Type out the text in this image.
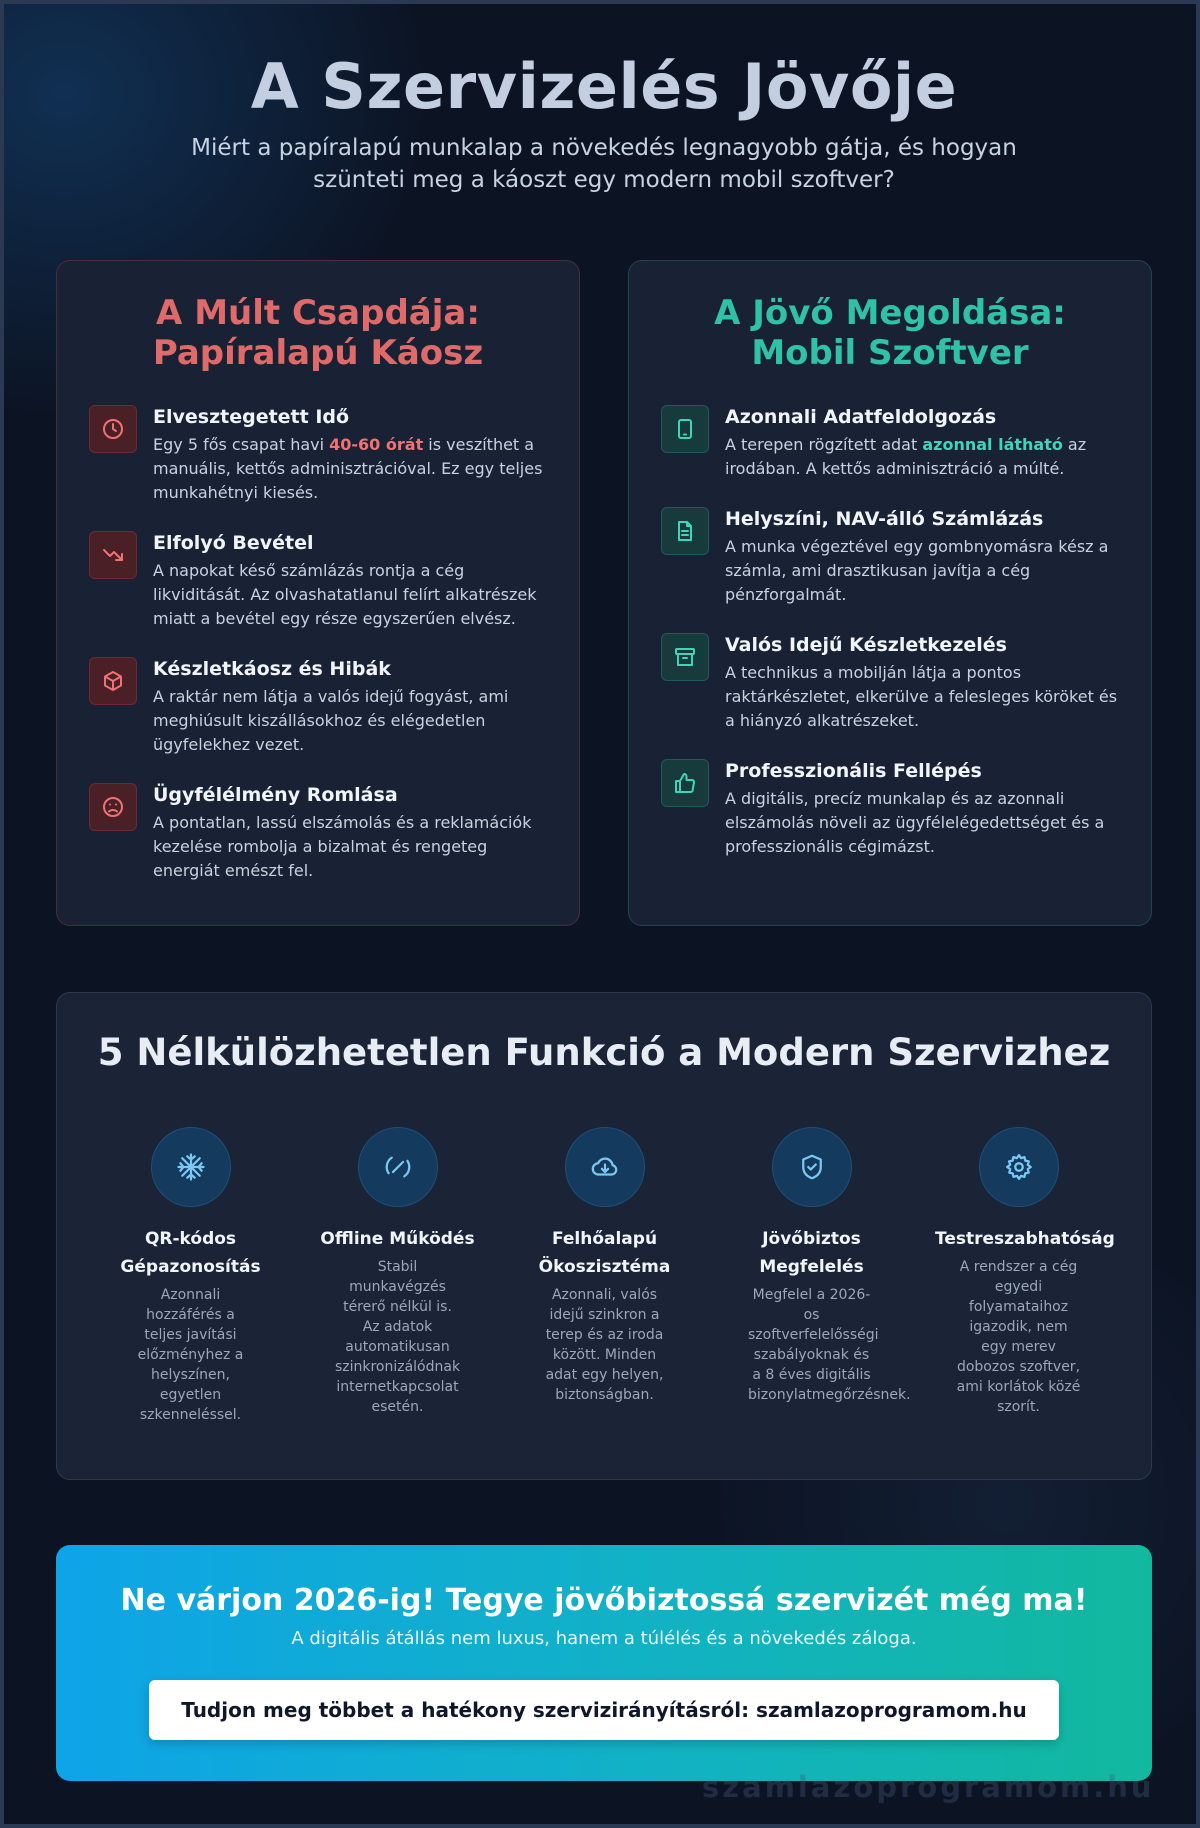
A Szervizelés Jövője
Miért a papíralapú munkalap a növekedés legnagyobb gátja, és hogyan szünteti meg a káoszt egy modern mobil szoftver?
A Múlt Csapdája:
Papíralapú Káosz
Elvesztegetett Idő
Egy 5 fős csapat havi 40-60 órát is veszíthet a manuális, kettős adminisztrációval. Ez egy teljes munkahétnyi kiesés.
Elfolyó Bevétel
A napokat késő számlázás rontja a cég likviditását. Az olvashatatlanul felírt alkatrészek miatt a bevétel egy része egyszerűen elvész.
Készletkáosz és Hibák
A raktár nem látja a valós idejű fogyást, ami meghiúsult kiszállásokhoz és elégedetlen ügyfelekhez vezet.
Ügyfélélmény Romlása
A pontatlan, lassú elszámolás és a reklamációk kezelése rombolja a bizalmat és rengeteg energiát emészt fel.
A Jövő Megoldása:
Mobil Szoftver
Azonnali Adatfeldolgozás
A terepen rögzített adat azonnal látható az irodában. A kettős adminisztráció a múlté.
Helyszíni, NAV-álló Számlázás
A munka végeztével egy gombnyomásra kész a számla, ami drasztikusan javítja a cég pénzforgalmát.
Valós Idejű Készletkezelés
A technikus a mobilján látja a pontos raktárkészletet, elkerülve a felesleges köröket és a hiányzó alkatrészeket.
Professzionális Fellépés
A digitális, precíz munkalap és az azonnali elszámolás növeli az ügyfélelégedettséget és a professzionális cégimázst.
5 Nélkülözhetetlen Funkció a Modern Szervizhez
QR-kódos Gépazonosítás
Azonnali hozzáférés a teljes javítási előzményhez a helyszínen, egyetlen szkenneléssel.
Offline Működés
Stabil munkavégzés térerő nélkül is. Az adatok automatikusan szinkronizálódnak internetkapcsolat esetén.
Felhőalapú Ökoszisztéma
Azonnali, valós idejű szinkron a terep és az iroda között. Minden adat egy helyen, biztonságban.
Jövőbiztos Megfelelés
Megfelel a 2026-os szoftverfelelősségi szabályoknak és a 8 éves digitális bizonylatmegőrzésnek.
Testreszabhatóság
A rendszer a cég egyedi folyamataihoz igazodik, nem egy merev dobozos szoftver, ami korlátok közé szorít.
Ne várjon 2026-ig! Tegye jövőbiztossá szervizét még ma!
A digitális átállás nem luxus, hanem a túlélés és a növekedés záloga.
Tudjon meg többet a hatékony szervizirányításról: szamlazoprogramom.hu
szamlazoprogramom.hu
